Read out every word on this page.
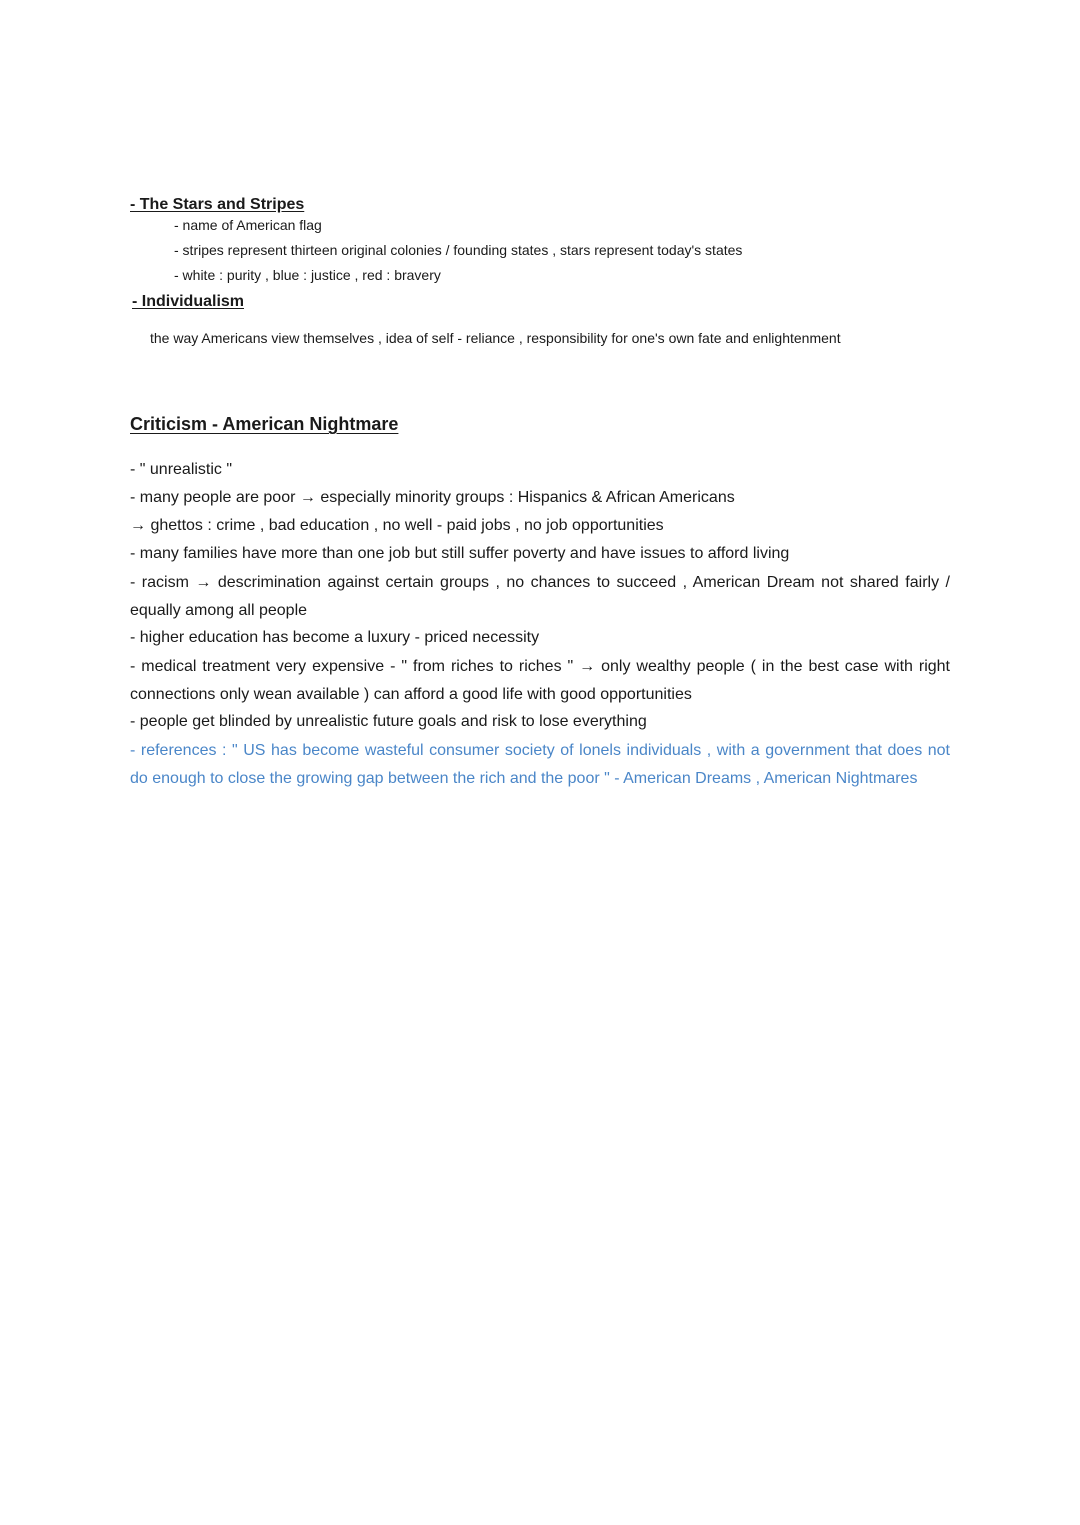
- The Stars and Stripes
- name of American flag
- stripes represent thirteen original colonies / founding states , stars represent today's states
- white : purity , blue : justice , red : bravery
- Individualism
the way Americans view themselves , idea of self - reliance , responsibility for one's own fate and enlightenment
Criticism - American Nightmare
- " unrealistic "
- many people are poor → especially minority groups : Hispanics & African Americans
→ ghettos : crime , bad education , no well - paid jobs , no job opportunities
- many families have more than one job but still suffer poverty and have issues to afford living
- racism → descrimination against certain groups , no chances to succeed , American Dream not shared fairly / equally among all people
- higher education has become a luxury - priced necessity
- medical treatment very expensive - " from riches to riches " → only wealthy people ( in the best case with right connections only wean available ) can afford a good life with good opportunities
- people get blinded by unrealistic future goals and risk to lose everything
- references : " US has become wasteful consumer society of lonels individuals , with a government that does not do enough to close the growing gap between the rich and the poor " - American Dreams , American Nightmares
